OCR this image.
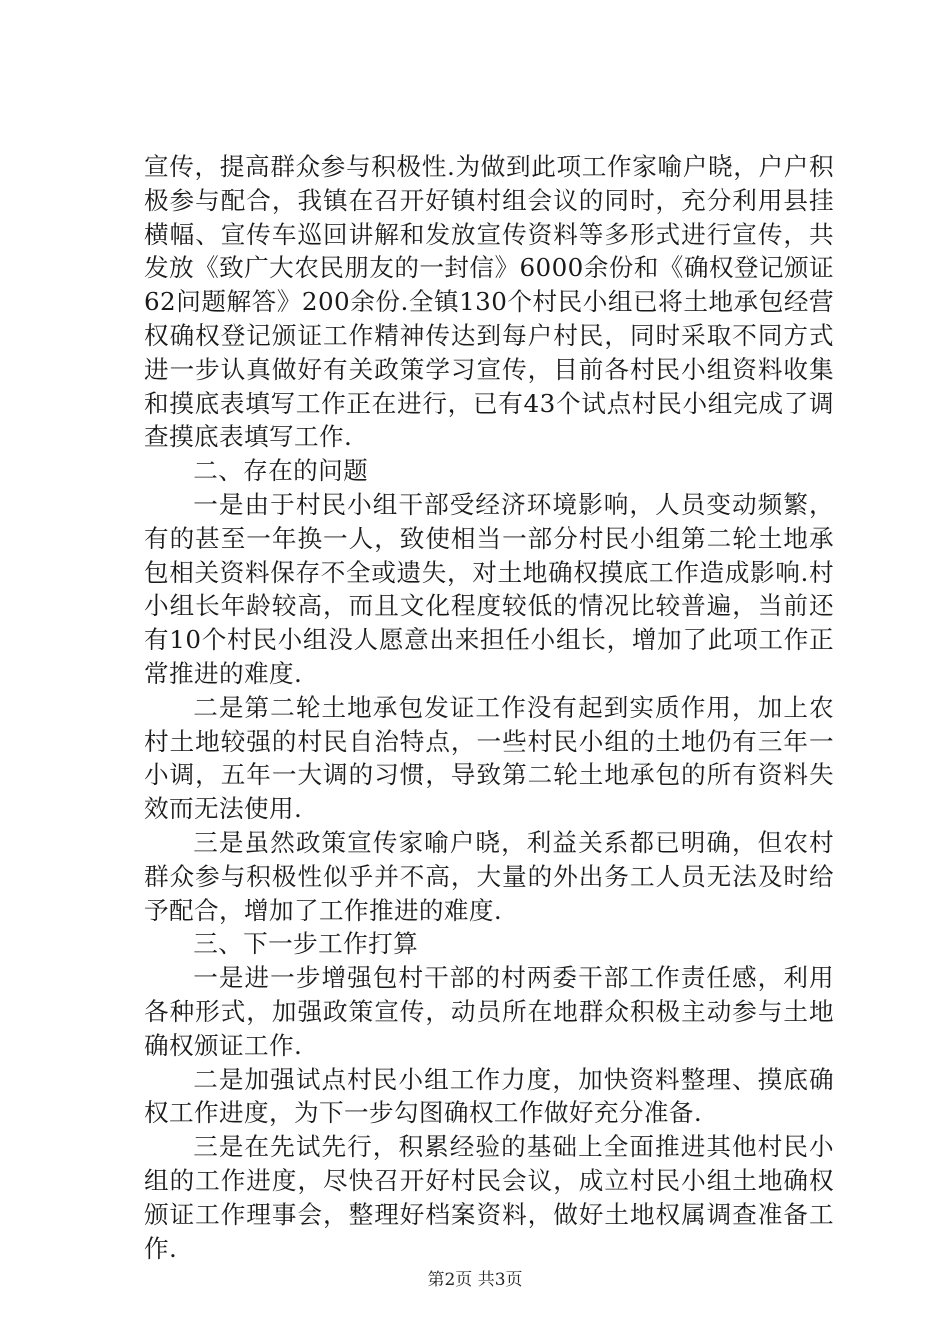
宣传，提高群众参与积极性.为做到此项工作家喻户晓，户户积极参与配合，我镇在召开好镇村组会议的同时，充分利用县挂横幅、宣传车巡回讲解和发放宣传资料等多形式进行宣传，共发放《致广大农民朋友的一封信》6000余份和《确权登记颁证62问题解答》200余份.全镇130个村民小组已将土地承包经营权确权登记颁证工作精神传达到每户村民，同时采取不同方式进一步认真做好有关政策学习宣传，目前各村民小组资料收集和摸底表填写工作正在进行，已有43个试点村民小组完成了调查摸底表填写工作.

二、存在的问题

一是由于村民小组干部受经济环境影响，人员变动频繁，有的甚至一年换一人，致使相当一部分村民小组第二轮土地承包相关资料保存不全或遗失，对土地确权摸底工作造成影响.村小组长年龄较高，而且文化程度较低的情况比较普遍，当前还有10个村民小组没人愿意出来担任小组长，增加了此项工作正常推进的难度.

二是第二轮土地承包发证工作没有起到实质作用，加上农村土地较强的村民自治特点，一些村民小组的土地仍有三年一小调，五年一大调的习惯，导致第二轮土地承包的所有资料失效而无法使用.

三是虽然政策宣传家喻户晓，利益关系都已明确，但农村群众参与积极性似乎并不高，大量的外出务工人员无法及时给予配合，增加了工作推进的难度.

三、下一步工作打算

一是进一步增强包村干部的村两委干部工作责任感，利用各种形式，加强政策宣传，动员所在地群众积极主动参与土地确权颁证工作.

二是加强试点村民小组工作力度，加快资料整理、摸底确权工作进度，为下一步勾图确权工作做好充分准备.

三是在先试先行，积累经验的基础上全面推进其他村民小组的工作进度，尽快召开好村民会议，成立村民小组土地确权颁证工作理事会，整理好档案资料，做好土地权属调查准备工作.

第2页 共3页
